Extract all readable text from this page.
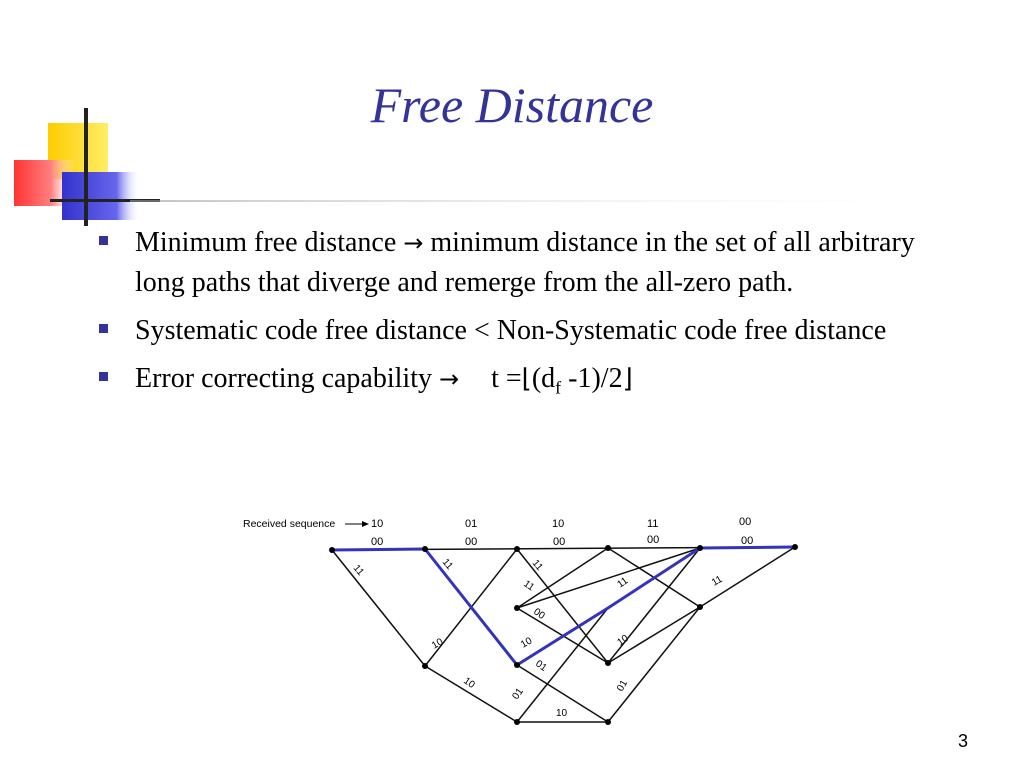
Free Distance
Minimum free distance → minimum distance in the set of all arbitrary long paths that diverge and remerge from the all-zero path.
Systematic code free distance < Non-Systematic code free distance
Error correcting capability → $t =⌊(d_f$ -1)/2⌋
Received sequence	10	01	10	11	00
00	00	00	00	00
11	11	11
11	11	11
00
10	10	10
10
01
01
01
10
3
